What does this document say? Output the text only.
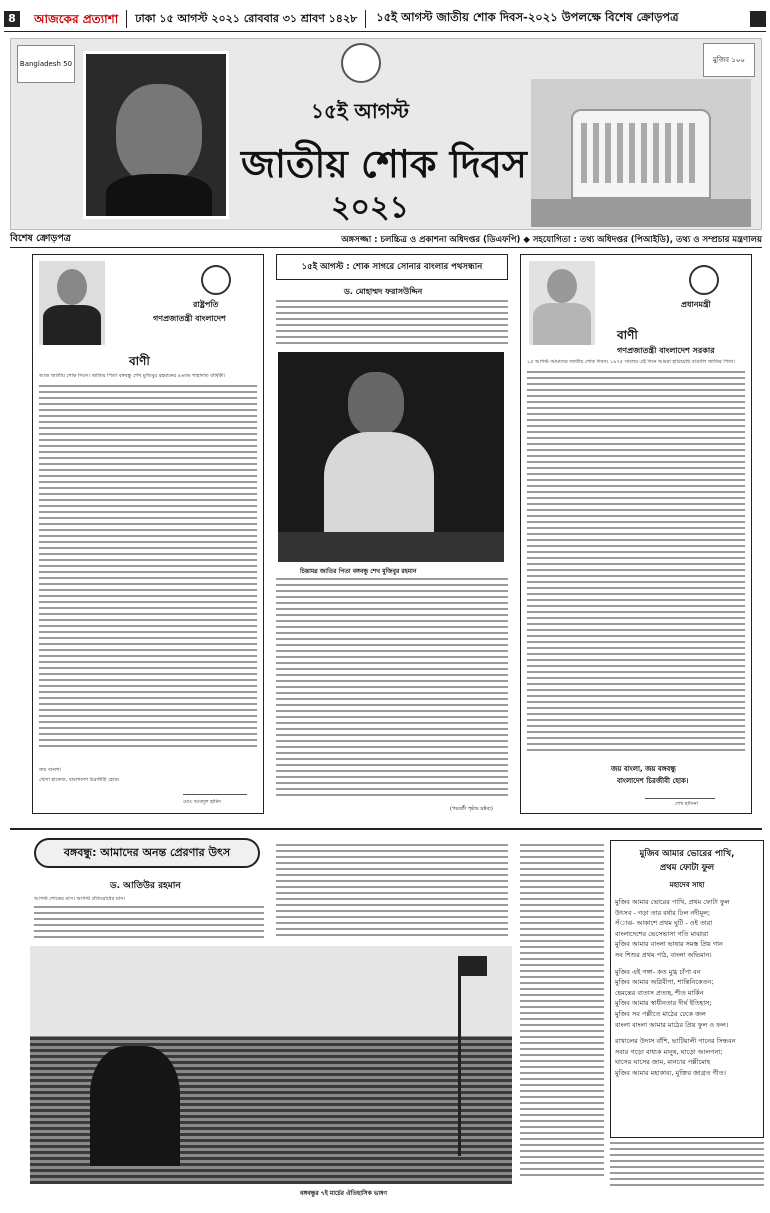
8	আজকের প্রত্যাশা	ঢাকা ১৫ আগস্ট ২০২১ রোববার ৩১ শ্রাবণ ১৪২৮	১৫ই আগস্ট জাতীয় শোক দিবস-২০২১ উপলক্ষে বিশেষ ক্রোড়পত্র
Bangladesh 50
১৫ই আগস্ট
জাতীয় শোক দিবস
২০২১
মুজিব ১০০
বিশেষ ক্রোড়পত্র	অঙ্গসজ্জা : চলচ্চিত্র ও প্রকাশনা অধিদপ্তর (ডিএফপি) ◆ সহযোগিতা : তথ্য অধিদপ্তর (পিআইডি), তথ্য ও সম্প্রচার মন্ত্রণালয়
রাষ্ট্রপতি
গণপ্রজাতন্ত্রী বাংলাদেশ
বাণী
আজ জাতীয় শোক দিবস। জাতির পিতা বঙ্গবন্ধু শেখ মুজিবুর রহমানের ৪৬তম শাহাদাত বার্ষিকী।
জয় বাংলা।
খোদা হাফেজ, বাংলাদেশ চিরজীবী হোক।
মোঃ আবদুল হামিদ
১৫ই আগস্ট : শোক সাগরে সোনার বাংলার পথসন্ধান
ড. মোহাম্মদ ফরাসউদ্দিন
চিন্তামগ্ন জাতির পিতা বঙ্গবন্ধু শেখ মুজিবুর রহমান
(পরবর্তী পৃষ্ঠায় দ্রষ্টব্য)
প্রধানমন্ত্রী
বাণী
গণপ্রজাতন্ত্রী বাংলাদেশ সরকার
১৫ আগস্ট আমাদের জাতীয় শোক দিবস। ১৯৭৫ সালের এই দিনে আমরা হারিয়েছি বাঙালি জাতির পিতা।
জয় বাংলা, জয় বঙ্গবন্ধু
বাংলাদেশ চিরজীবী হোক।
শেখ হাসিনা
বঙ্গবন্ধু: আমাদের অনন্ত প্রেরণার উৎস
ড. আতিউর রহমান
আগস্ট শোকের মাস। আগস্ট প্রতিরোধের মাস।
বঙ্গবন্ধুর ৭ই মার্চের ঐতিহাসিক ভাষণ
মুজিব আমার ভোরের পাখি,
প্রথম ফোটা ফুল
মহাদেব সাহা
মুজিব আমার ভোরের পাখি, প্রথম ফোটা ফুল
উৎসব - গড়া তার বর্ষার ঢিল নদীমূল;
সঁাঝ- আকাশে প্রথম ঘুটি - ওই তারা
বাংলাদেশের ভেসেভাসা গতি মাঝারা
মুজিব আমার বাংলা ভাষার সমস্ত প্রিয় গান
সব শিশুর প্রথম পাঠ, বাংলা অভিমান।
মুজিব এই গঙ্গা- কত মুগ্ধ চাঁপা বন
মুজিব আমার অগ্নিবীণা, শান্তিনিকেতন;
হেমন্তের বাতাস প্রত্যহ, শীত মার্কিন
মুজিব আমার স্বাধীনতার দীর্ঘ ইতিহাস;
মুজিব সব পল্লীতে মাঠের ঢেকে জল
বাংলা বাংলা আমার মাঠের প্রিয় ফুল ও ফল।
রাখালের উদাস বাঁশি, ভাটিয়ালী গানের সিন্ধবন
সবার গড়ো বাধ্যক মানুষ, ঘাড়ো আলপনা;
ঘাসের ঘাসের জাম, মানচার পল্লীমোহ
মুজিব আমার মহাকাব্য, মুক্তির জাগ্রত গীত।
